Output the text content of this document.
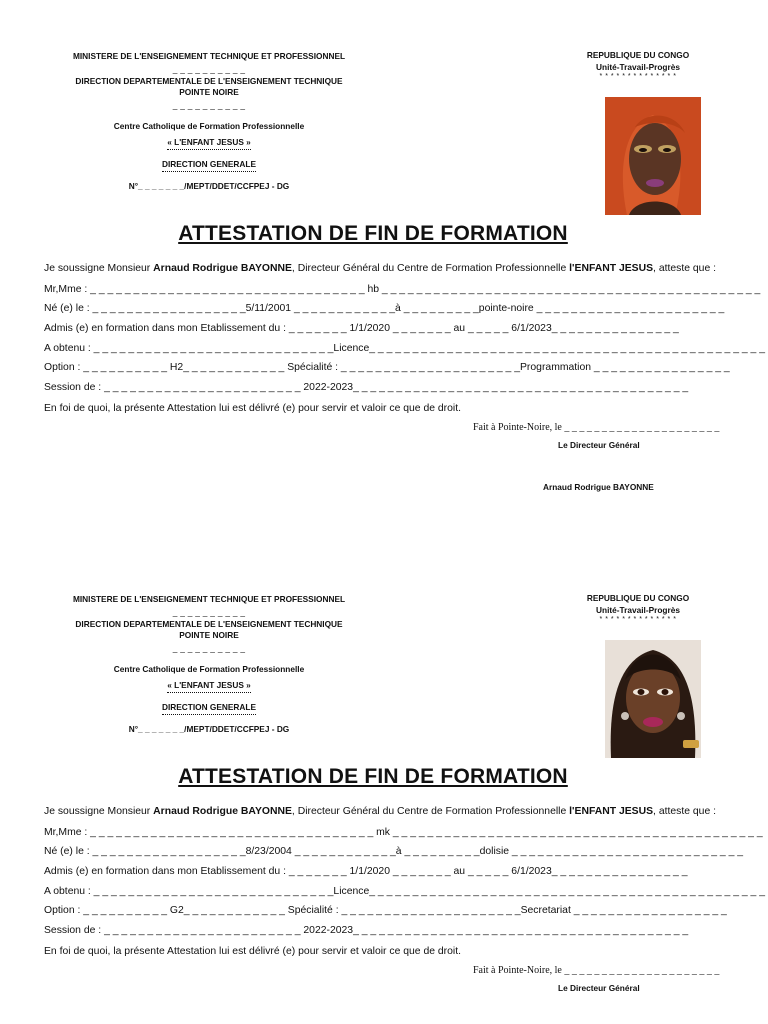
MINISTERE DE L'ENSEIGNEMENT TECHNIQUE ET PROFESSIONNEL
_ _ _ _ _ _ _ _ _ _
DIRECTION DEPARTEMENTALE DE L'ENSEIGNEMENT TECHNIQUE
POINTE NOIRE
_ _ _ _ _ _ _ _ _ _
Centre Catholique de Formation Professionnelle
« L'ENFANT JESUS »
DIRECTION GENERALE
N°_ _ _ _ _ _ _/MEPT/DDET/CCFPEJ - DG
REPUBLIQUE DU CONGO
Unité-Travail-Progrès
* * * * * * * * * * * * * *
ATTESTATION DE FIN DE FORMATION
Je soussigne Monsieur Arnaud Rodrigue BAYONNE, Directeur Général du Centre de Formation Professionnelle l'ENFANT JESUS, atteste que :
Mr,Mme : _ _ _ _ _ _ _ _ _ _ _ _ _ _ _ _ _ _ _ _ _ _ _ _ _ _ _ _ _ _ _ _ hb _ _ _ _ _ _ _ _ _ _ _ _ _ _ _ _ _ _ _ _ _ _ _ _ _ _ _ _ _ _ _ _ _ _ _ _ _ _ _ _ _ _ _ _
Né (e) le : _ _ _ _ _ _ _ _ _ _ _ _ _ _ _ _ _ _5/11/2001 _ _ _ _ _ _ _ _ _ _ _ _à _ _ _ _ _ _ _ _ _pointe-noire _ _ _ _ _ _ _ _ _ _ _ _ _ _ _ _ _ _ _ _ _ _
Admis (e) en formation dans mon Etablissement du : _ _ _ _ _ _ _ 1/1/2020 _ _ _ _ _ _ _ au _ _ _ _ _ 6/1/2023_ _ _ _ _ _ _ _ _ _ _ _ _ _ _
A obtenu : _ _ _ _ _ _ _ _ _ _ _ _ _ _ _ _ _ _ _ _ _ _ _ _ _ _ _ _Licence_ _ _ _ _ _ _ _ _ _ _ _ _ _ _ _ _ _ _ _ _ _ _ _ _ _ _ _ _ _ _ _ _ _ _ _ _ _ _ _ _ _ _ _ _ _
Option : _ _ _ _ _ _ _ _ _ _ H2_ _ _ _ _ _ _ _ _ _ _ _ Spécialité : _ _ _ _ _ _ _ _ _ _ _ _ _ _ _ _ _ _ _ _ _Programmation _ _ _ _ _ _ _ _ _ _ _ _ _ _ _ _
Session de : _ _ _ _ _ _ _ _ _ _ _ _ _ _ _ _ _ _ _ _ _ _ _ 2022-2023_ _ _ _ _ _ _ _ _ _ _ _ _ _ _ _ _ _ _ _ _ _ _ _ _ _ _ _ _ _ _ _ _ _ _ _ _ _ _
En foi de quoi, la présente Attestation lui est délivré (e) pour servir et valoir ce que de droit.
Fait à Pointe-Noire, le _ _ _ _ _ _ _ _ _ _ _ _ _ _ _ _ _ _ _ _ _
Le Directeur Général
Arnaud Rodrigue BAYONNE
MINISTERE DE L'ENSEIGNEMENT TECHNIQUE ET PROFESSIONNEL
_ _ _ _ _ _ _ _ _ _
DIRECTION DEPARTEMENTALE DE L'ENSEIGNEMENT TECHNIQUE
POINTE NOIRE
_ _ _ _ _ _ _ _ _ _
Centre Catholique de Formation Professionnelle
« L'ENFANT JESUS »
DIRECTION GENERALE
N°_ _ _ _ _ _ _/MEPT/DDET/CCFPEJ - DG
REPUBLIQUE DU CONGO
Unité-Travail-Progrès
* * * * * * * * * * * * * *
ATTESTATION DE FIN DE FORMATION
Je soussigne Monsieur Arnaud Rodrigue BAYONNE, Directeur Général du Centre de Formation Professionnelle l'ENFANT JESUS, atteste que :
Mr,Mme : _ _ _ _ _ _ _ _ _ _ _ _ _ _ _ _ _ _ _ _ _ _ _ _ _ _ _ _ _ _ _ _ _ mk _ _ _ _ _ _ _ _ _ _ _ _ _ _ _ _ _ _ _ _ _ _ _ _ _ _ _ _ _ _ _ _ _ _ _ _ _ _ _ _ _ _ _
Né (e) le : _ _ _ _ _ _ _ _ _ _ _ _ _ _ _ _ _ _8/23/2004 _ _ _ _ _ _ _ _ _ _ _ _à _ _ _ _ _ _ _ _ _dolisie _ _ _ _ _ _ _ _ _ _ _ _ _ _ _ _ _ _ _ _ _ _ _ _ _ _ _
Admis (e) en formation dans mon Etablissement du : _ _ _ _ _ _ _ 1/1/2020 _ _ _ _ _ _ _ au _ _ _ _ _ 6/1/2023_ _ _ _ _ _ _ _ _ _ _ _ _ _ _ _
A obtenu : _ _ _ _ _ _ _ _ _ _ _ _ _ _ _ _ _ _ _ _ _ _ _ _ _ _ _ _Licence_ _ _ _ _ _ _ _ _ _ _ _ _ _ _ _ _ _ _ _ _ _ _ _ _ _ _ _ _ _ _ _ _ _ _ _ _ _ _ _ _ _ _ _ _ _
Option : _ _ _ _ _ _ _ _ _ _ G2_ _ _ _ _ _ _ _ _ _ _ _ Spécialité : _ _ _ _ _ _ _ _ _ _ _ _ _ _ _ _ _ _ _ _ _Secretariat _ _ _ _ _ _ _ _ _ _ _ _ _ _ _ _ _ _
Session de : _ _ _ _ _ _ _ _ _ _ _ _ _ _ _ _ _ _ _ _ _ _ _ 2022-2023_ _ _ _ _ _ _ _ _ _ _ _ _ _ _ _ _ _ _ _ _ _ _ _ _ _ _ _ _ _ _ _ _ _ _ _ _ _ _
En foi de quoi, la présente Attestation lui est délivré (e) pour servir et valoir ce que de droit.
Fait à Pointe-Noire, le _ _ _ _ _ _ _ _ _ _ _ _ _ _ _ _ _ _ _ _ _
Le Directeur Général
